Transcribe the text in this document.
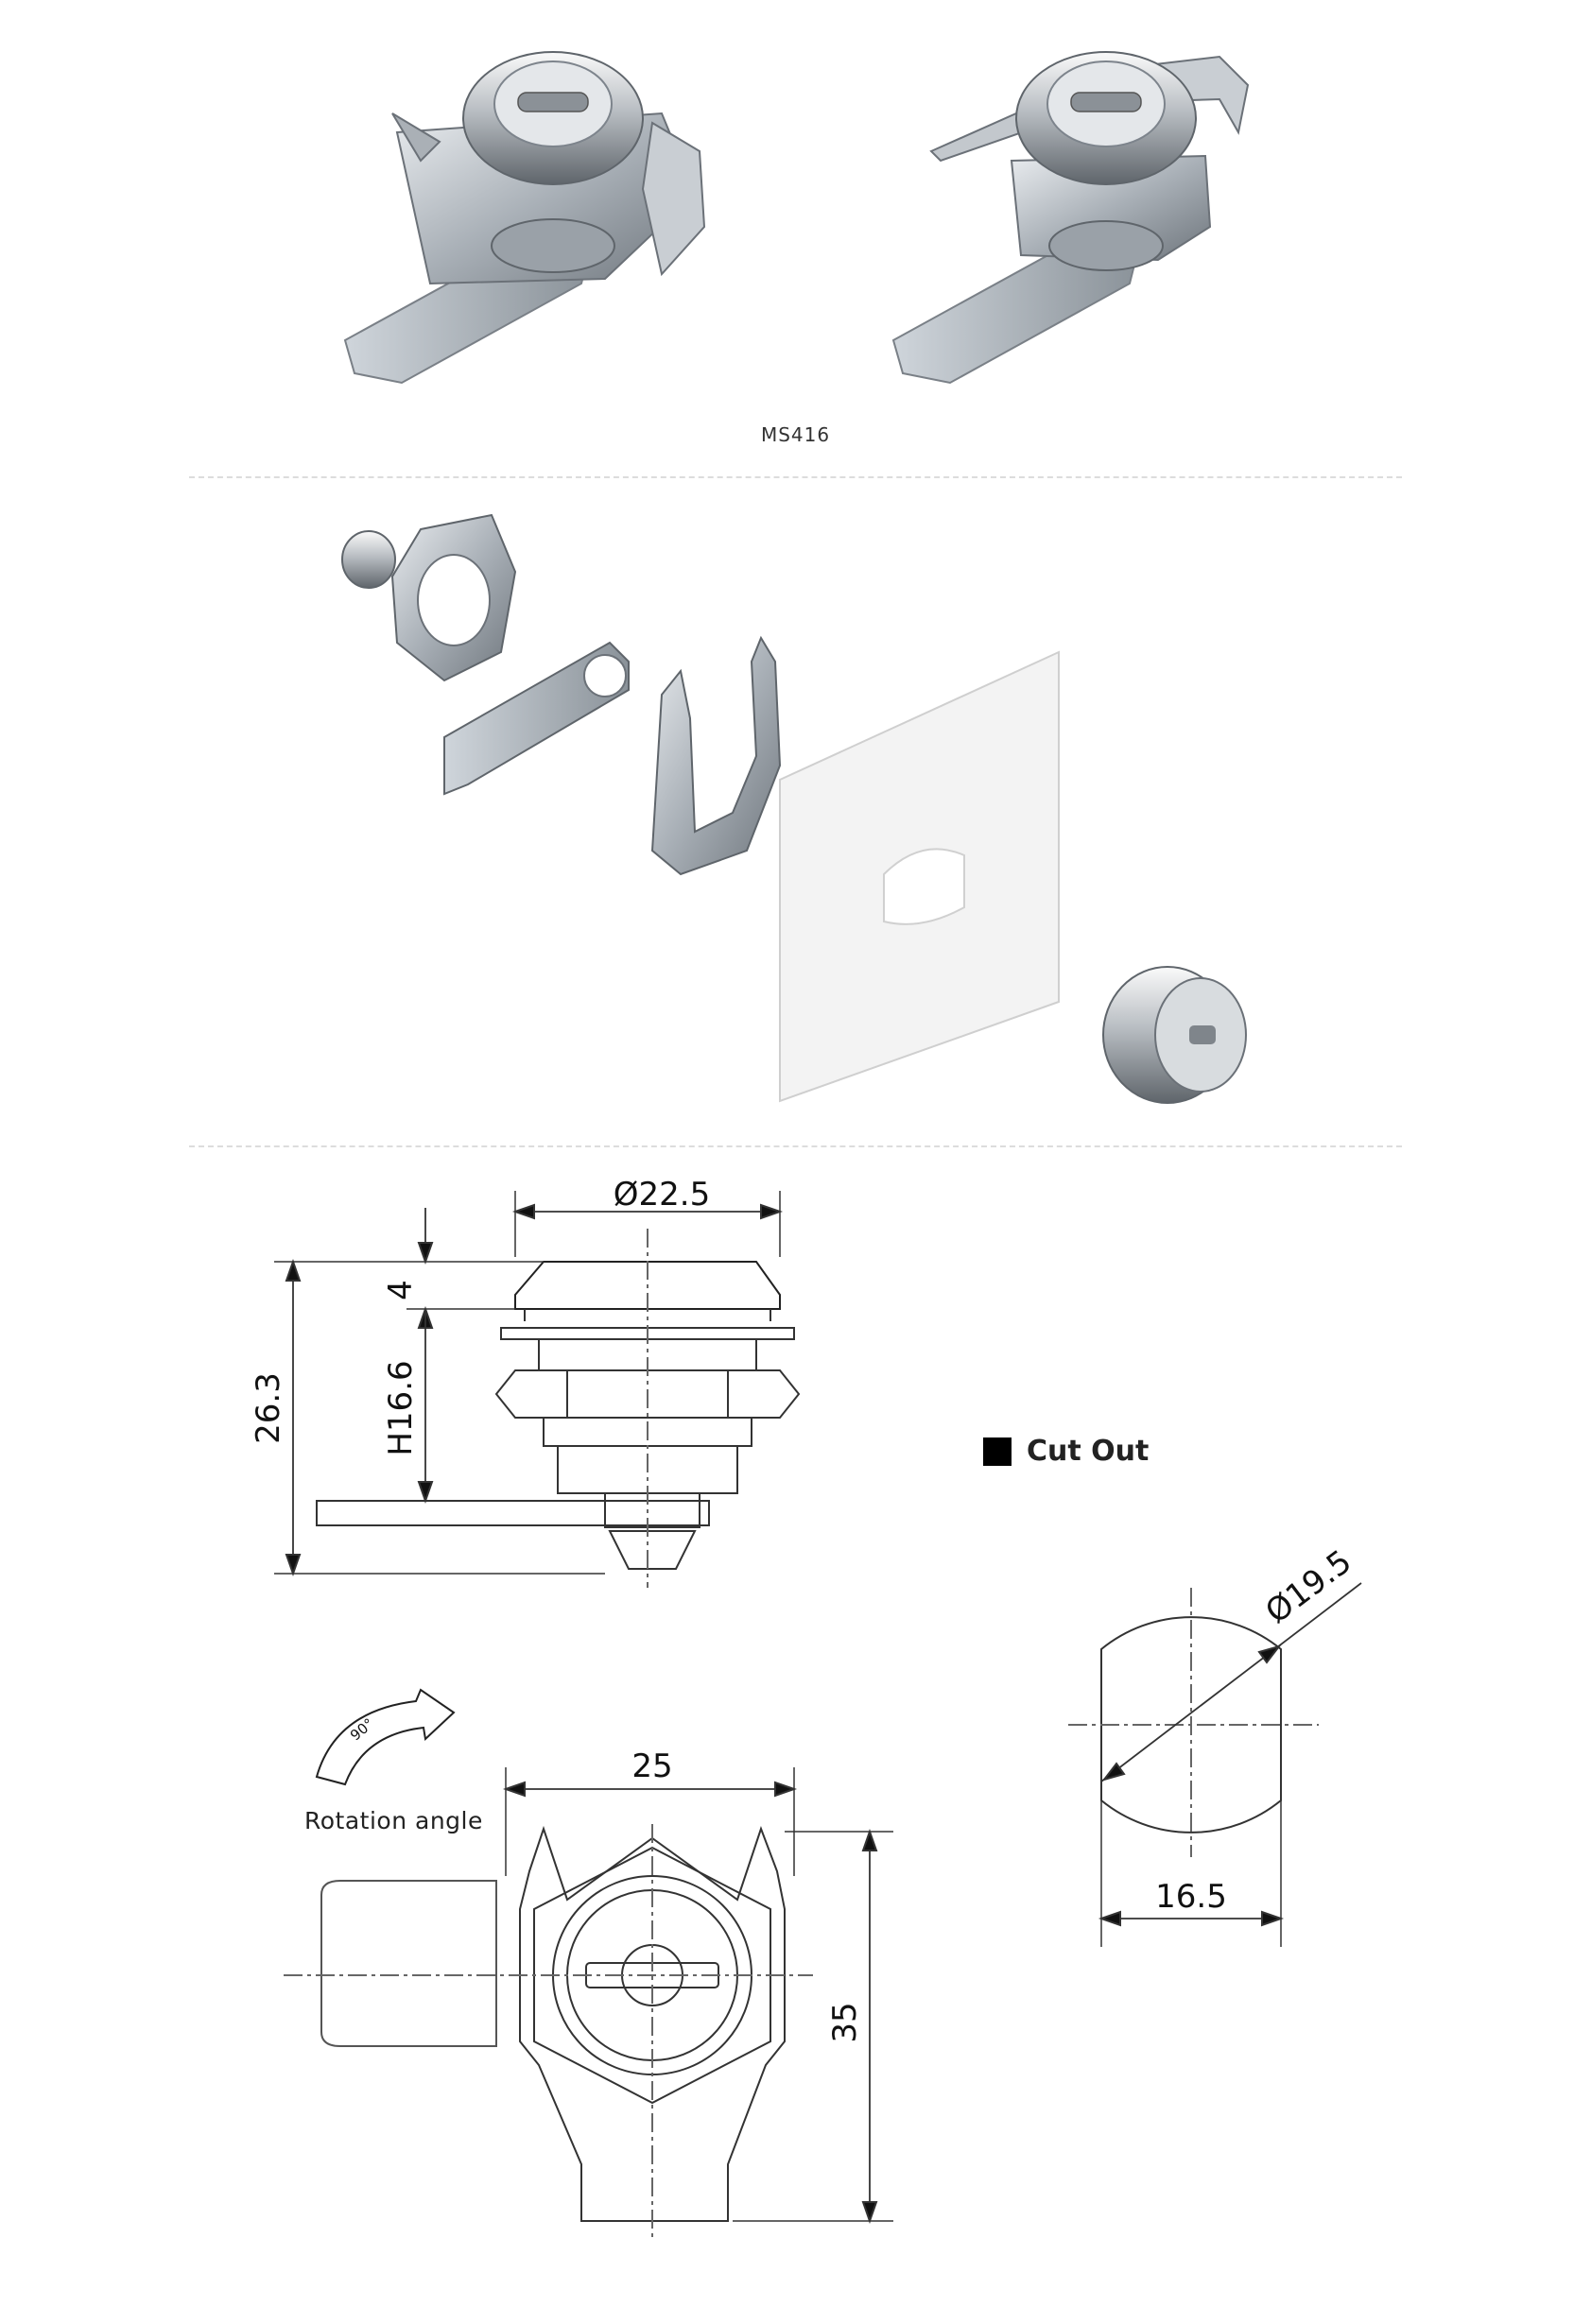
MS416
Ø22.5
4
H16.6
26.3
25
35
Ø19.5
16.5
90°
Cut Out
Rotation angle
